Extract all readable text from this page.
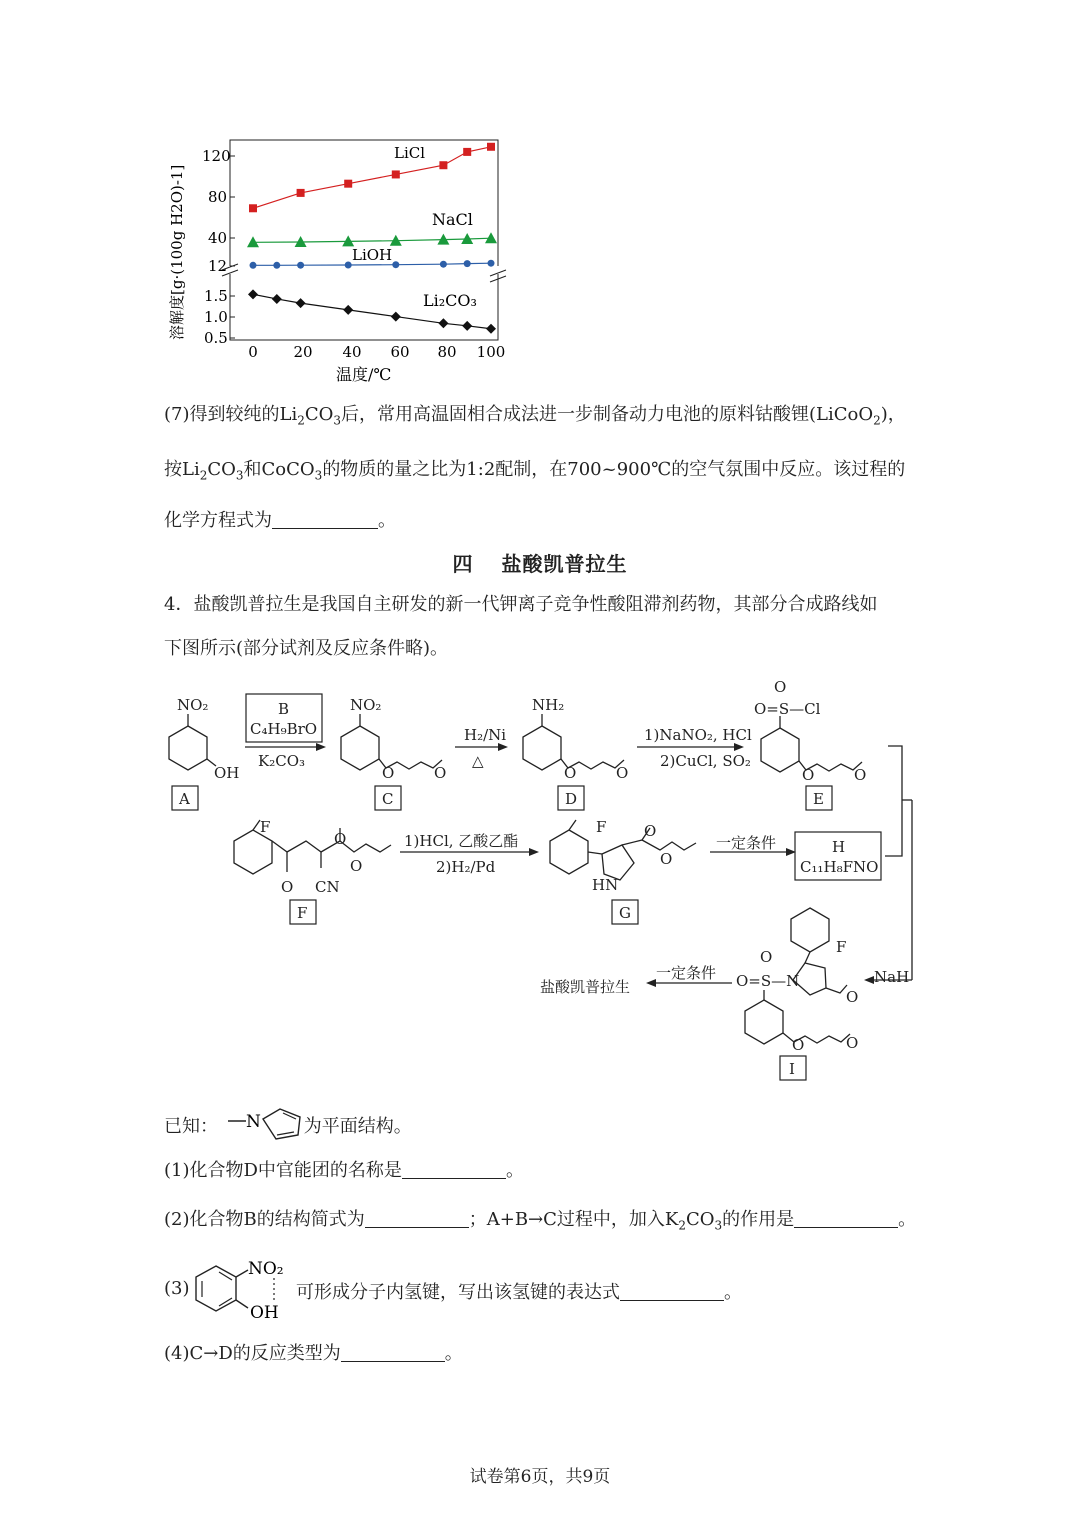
溶解度[g·(100g H2O)-1]
120
80
40
12
1.5
1.0
0.5
0 20 40 60 80 100
温度/℃
LiCl
NaCl
LiOH
Li₂CO₃
(7)得到较纯的$Li_2CO_3$后，常用高温固相合成法进一步制备动力电池的原料钴酸锂(LiCoO$_2$)，
按$Li_2CO_3$和CoCO$_3$的物质的量之比为1:2配制，在700~900℃的空气氛围中反应。该过程的
化学方程式为	。
四 盐酸凯普拉生
4．盐酸凯普拉生是我国自主研发的新一代钾离子竞争性酸阻滞剂药物，其部分合成路线如
下图所示(部分试剂及反应条件略)。
A	C	D	E
F	G
I
NO₂
OH
B
C₄H₉BrO
K₂CO₃
NO₂
O	O
H₂/Ni
△
NH₂
O	O
1)NaNO₂, HCl
2)CuCl, SO₂
O
O=S—Cl
O	O
F
O CN
O
O
1)HCl, 乙酸乙酯
2)H₂/Pd
F
HN
O
O
一定条件	H
C₁₁H₈FNO
NaH
F
O
O=S—N
O
O	O
一定条件
盐酸凯普拉生
已知： N 为平面结构。
(1)化合物D中官能团的名称是	。
(2)化合物B的结构简式为	；A+B→C过程中，加入$K_2CO_3$的作用是	。
(3)
NO₂
OH
可形成分子内氢键，写出该氢键的表达式	。
(4)C→D的反应类型为	。
试卷第6页，共9页
